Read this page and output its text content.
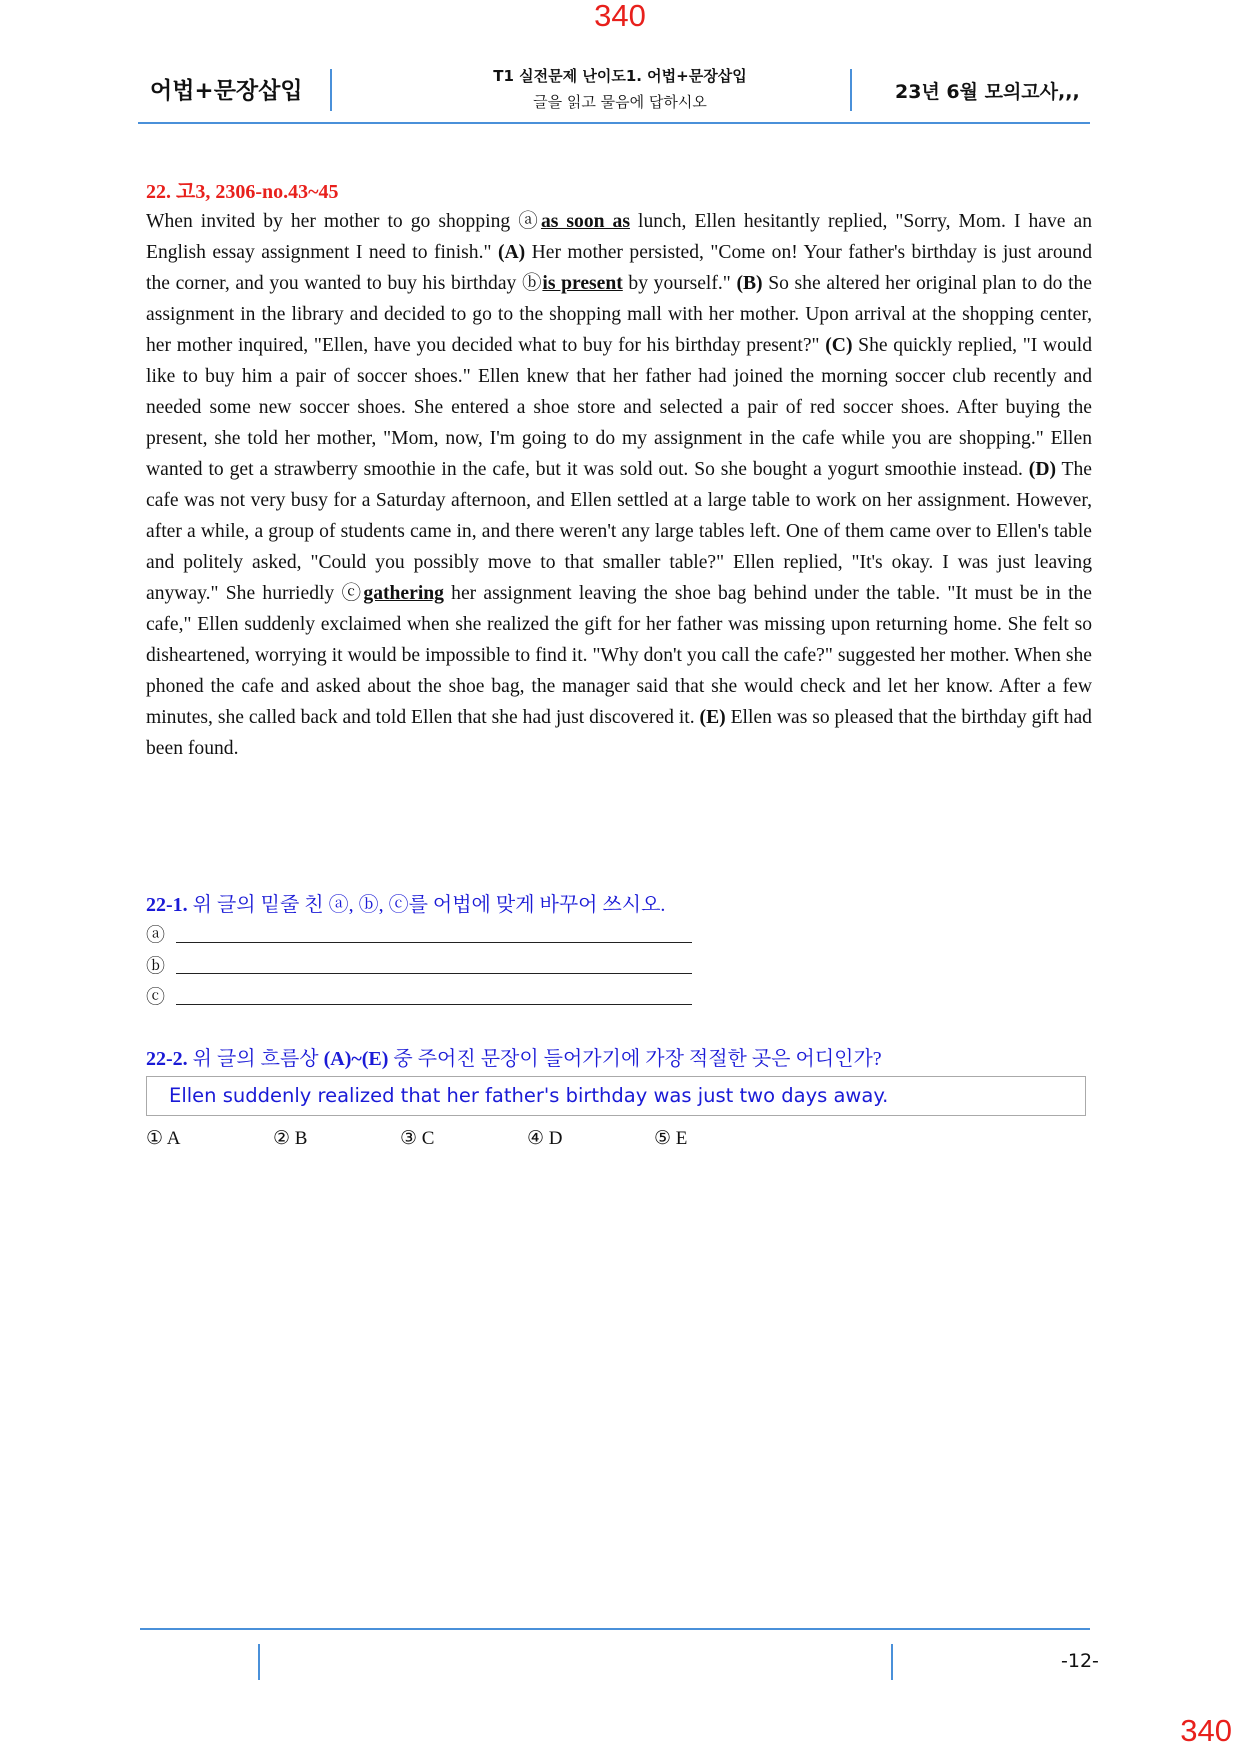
340
어법+문장삽입
T1 실전문제 난이도1. 어법+문장삽입
글을 읽고 물음에 답하시오	23년 6월 모의고사,,,
22. 고3, 2306-no.43~45

When invited by her mother to go shopping ⓐas soon as lunch, Ellen hesitantly replied, "Sorry, Mom. I have an English essay assignment I need to finish." (A) Her mother persisted, "Come on! Your father's birthday is just around the corner, and you wanted to buy his birthday ⓑis present by yourself." (B) So she altered her original plan to do the assignment in the library and decided to go to the shopping mall with her mother. Upon arrival at the shopping center, her mother inquired, "Ellen, have you decided what to buy for his birthday present?" (C) She quickly replied, "I would like to buy him a pair of soccer shoes." Ellen knew that her father had joined the morning soccer club recently and needed some new soccer shoes. She entered a shoe store and selected a pair of red soccer shoes. After buying the present, she told her mother, "Mom, now, I'm going to do my assignment in the cafe while you are shopping." Ellen wanted to get a strawberry smoothie in the cafe, but it was sold out. So she bought a yogurt smoothie instead. (D) The cafe was not very busy for a Saturday afternoon, and Ellen settled at a large table to work on her assignment. However, after a while, a group of students came in, and there weren't any large tables left. One of them came over to Ellen's table and politely asked, "Could you possibly move to that smaller table?" Ellen replied, "It's okay. I was just leaving anyway." She hurriedly ⓒgathering her assignment leaving the shoe bag behind under the table. "It must be in the cafe," Ellen suddenly exclaimed when she realized the gift for her father was missing upon returning home. She felt so disheartened, worrying it would be impossible to find it. "Why don't you call the cafe?" suggested her mother. When she phoned the cafe and asked about the shoe bag, the manager said that she would check and let her know. After a few minutes, she called back and told Ellen that she had just discovered it. (E) Ellen was so pleased that the birthday gift had been found.

22-1. 위 글의 밑줄 친 ⓐ, ⓑ, ⓒ를 어법에 맞게 바꾸어 쓰시오.
ⓐ
ⓑ
ⓒ
22-2. 위 글의 흐름상 (A)~(E) 중 주어진 문장이 들어가기에 가장 적절한 곳은 어디인가?
Ellen suddenly realized that her father's birthday was just two days away.
① A	② B	③ C	④ D	⑤ E
-12-
340
